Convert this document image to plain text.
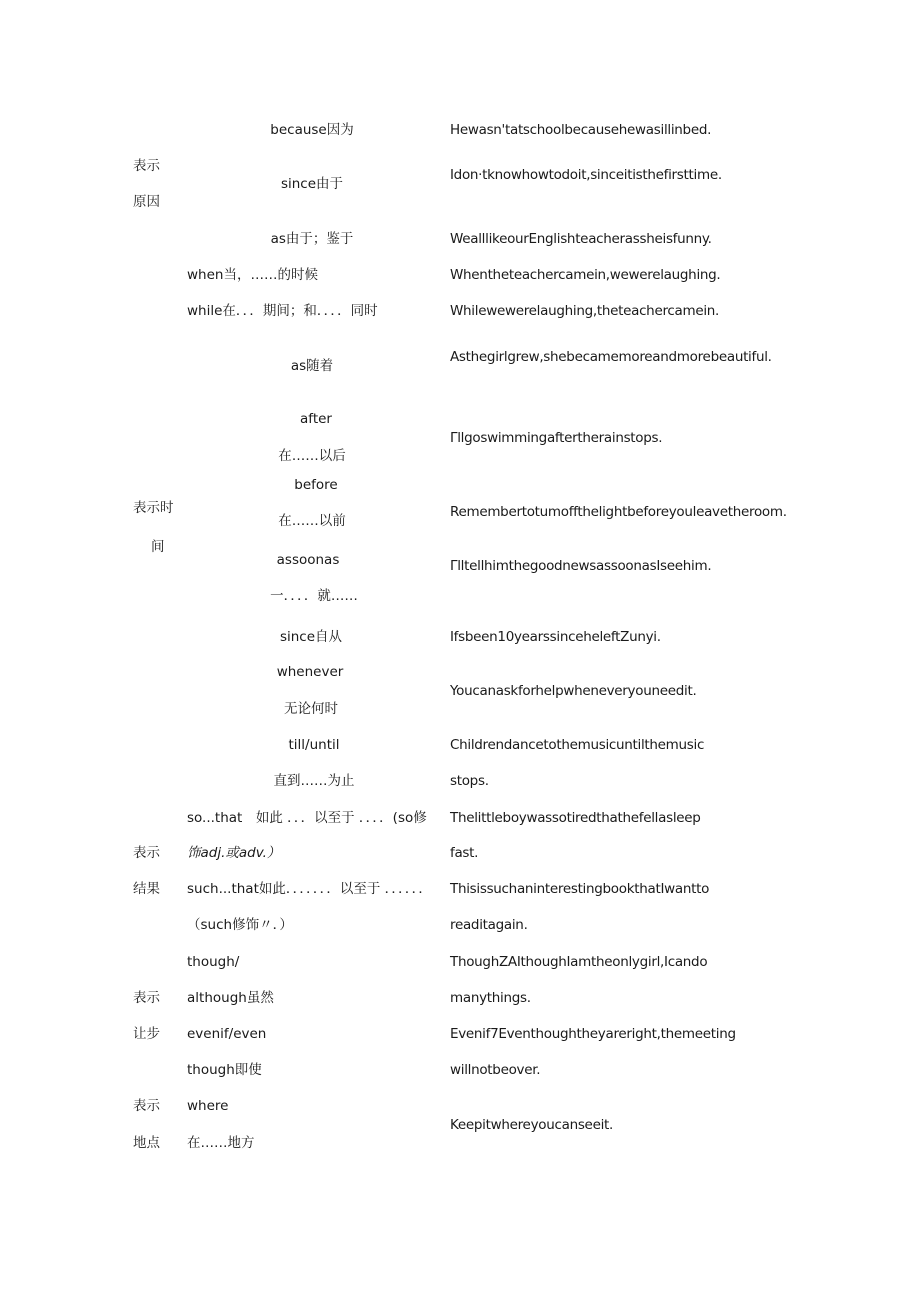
表示
原因
because因为
since由于
as由于；鉴于
Hewasn'tatschoolbecausehewasillinbed.
Idon·tknowhowtodoit,sinceitisthefirsttime.
WealllikeourEnglishteacherassheisfunny.
表示时
间
when当，……的时候
while在．．．期间；和．．．．同时
as随着
after
在……以后
before
在……以前
assoonas
一．．．．就……
since自从
whenever
无论何时
till/until
直到……为止
Whentheteachercamein,wewerelaughing.
Whilewewerelaughing,theteachercamein.
Asthegirlgrew,shebecamemoreandmorebeautiful.
Γllgoswimmingaftertherainstops.
Remembertotumoffthelightbeforeyouleavetheroom.
ΓlltellhimthegoodnewsassoonasIseehim.
Ifsbeen10yearssinceheleftZunyi.
Youcanaskforhelpwheneveryouneedit.
Childrendancetothemusicuntilthemusic
stops.
表示
结果
so...that　如此 ．．．以至于 ．．．．(so修
饰adj.或adv.）
such...that如此．．．．．．．以至于 ．．．．．．
（such修饰〃．）
Thelittleboywassotiredthathefellasleep
fast.
ThisissuchaninterestingbookthatIwantto
readitagain.
表示
让步
though/
although虽然
evenif/even
though即使
ThoughZAIthoughIamtheonlygirl,Icando
manythings.
Evenif7Eventhoughtheyareright,themeeting
willnotbeover.
表示
地点
where
在……地方
Keepitwhereyoucanseeit.
